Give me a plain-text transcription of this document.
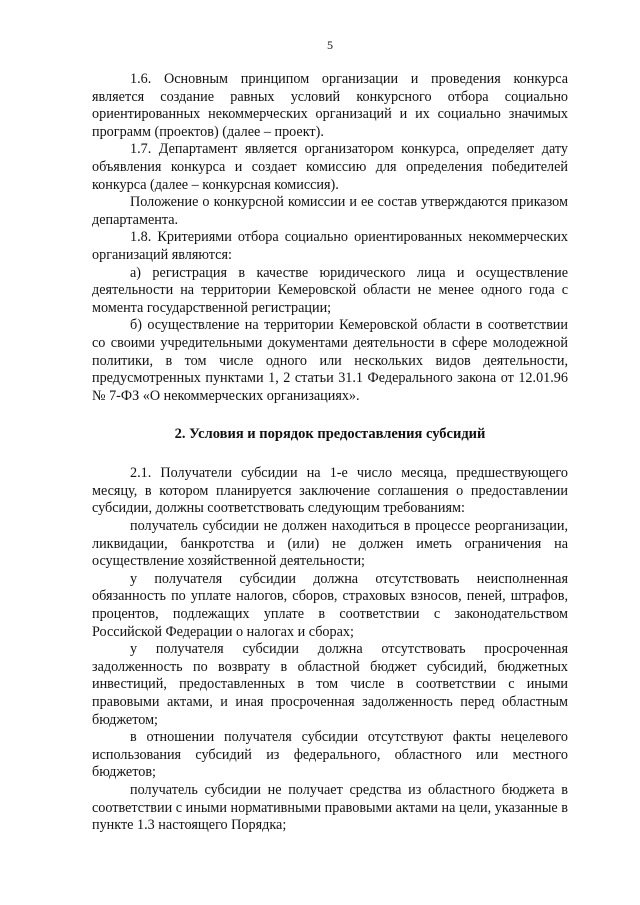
5

1.6. Основным принципом организации и проведения конкурса является создание равных условий конкурсного отбора социально ориентированных некоммерческих организаций и их социально значимых программ (проектов) (далее – проект).

1.7. Департамент является организатором конкурса, определяет дату объявления конкурса и создает комиссию для определения победителей конкурса (далее – конкурсная комиссия).

Положение о конкурсной комиссии и ее состав утверждаются приказом департамента.

1.8. Критериями отбора социально ориентированных некоммерческих организаций являются:

а) регистрация в качестве юридического лица и осуществление деятельности на территории Кемеровской области не менее одного года с момента государственной регистрации;

б) осуществление на территории Кемеровской области в соответствии со своими учредительными документами деятельности в сфере молодежной политики, в том числе одного или нескольких видов деятельности, предусмотренных пунктами 1, 2 статьи 31.1 Федерального закона от 12.01.96 № 7-ФЗ «О некоммерческих организациях».

2. Условия и порядок предоставления субсидий

2.1. Получатели субсидии на 1-е число месяца, предшествующего месяцу, в котором планируется заключение соглашения о предоставлении субсидии, должны соответствовать следующим требованиям:

получатель субсидии не должен находиться в процессе реорганизации, ликвидации, банкротства и (или) не должен иметь ограничения на осуществление хозяйственной деятельности;

у получателя субсидии должна отсутствовать неисполненная обязанность по уплате налогов, сборов, страховых взносов, пеней, штрафов, процентов, подлежащих уплате в соответствии с законодательством Российской Федерации о налогах и сборах;

у получателя субсидии должна отсутствовать просроченная задолженность по возврату в областной бюджет субсидий, бюджетных инвестиций, предоставленных в том числе в соответствии с иными правовыми актами, и иная просроченная задолженность перед областным бюджетом;

в отношении получателя субсидии отсутствуют факты нецелевого использования субсидий из федерального, областного или местного бюджетов;

получатель субсидии не получает средства из областного бюджета в соответствии с иными нормативными правовыми актами на цели, указанные в пункте 1.3 настоящего Порядка;
